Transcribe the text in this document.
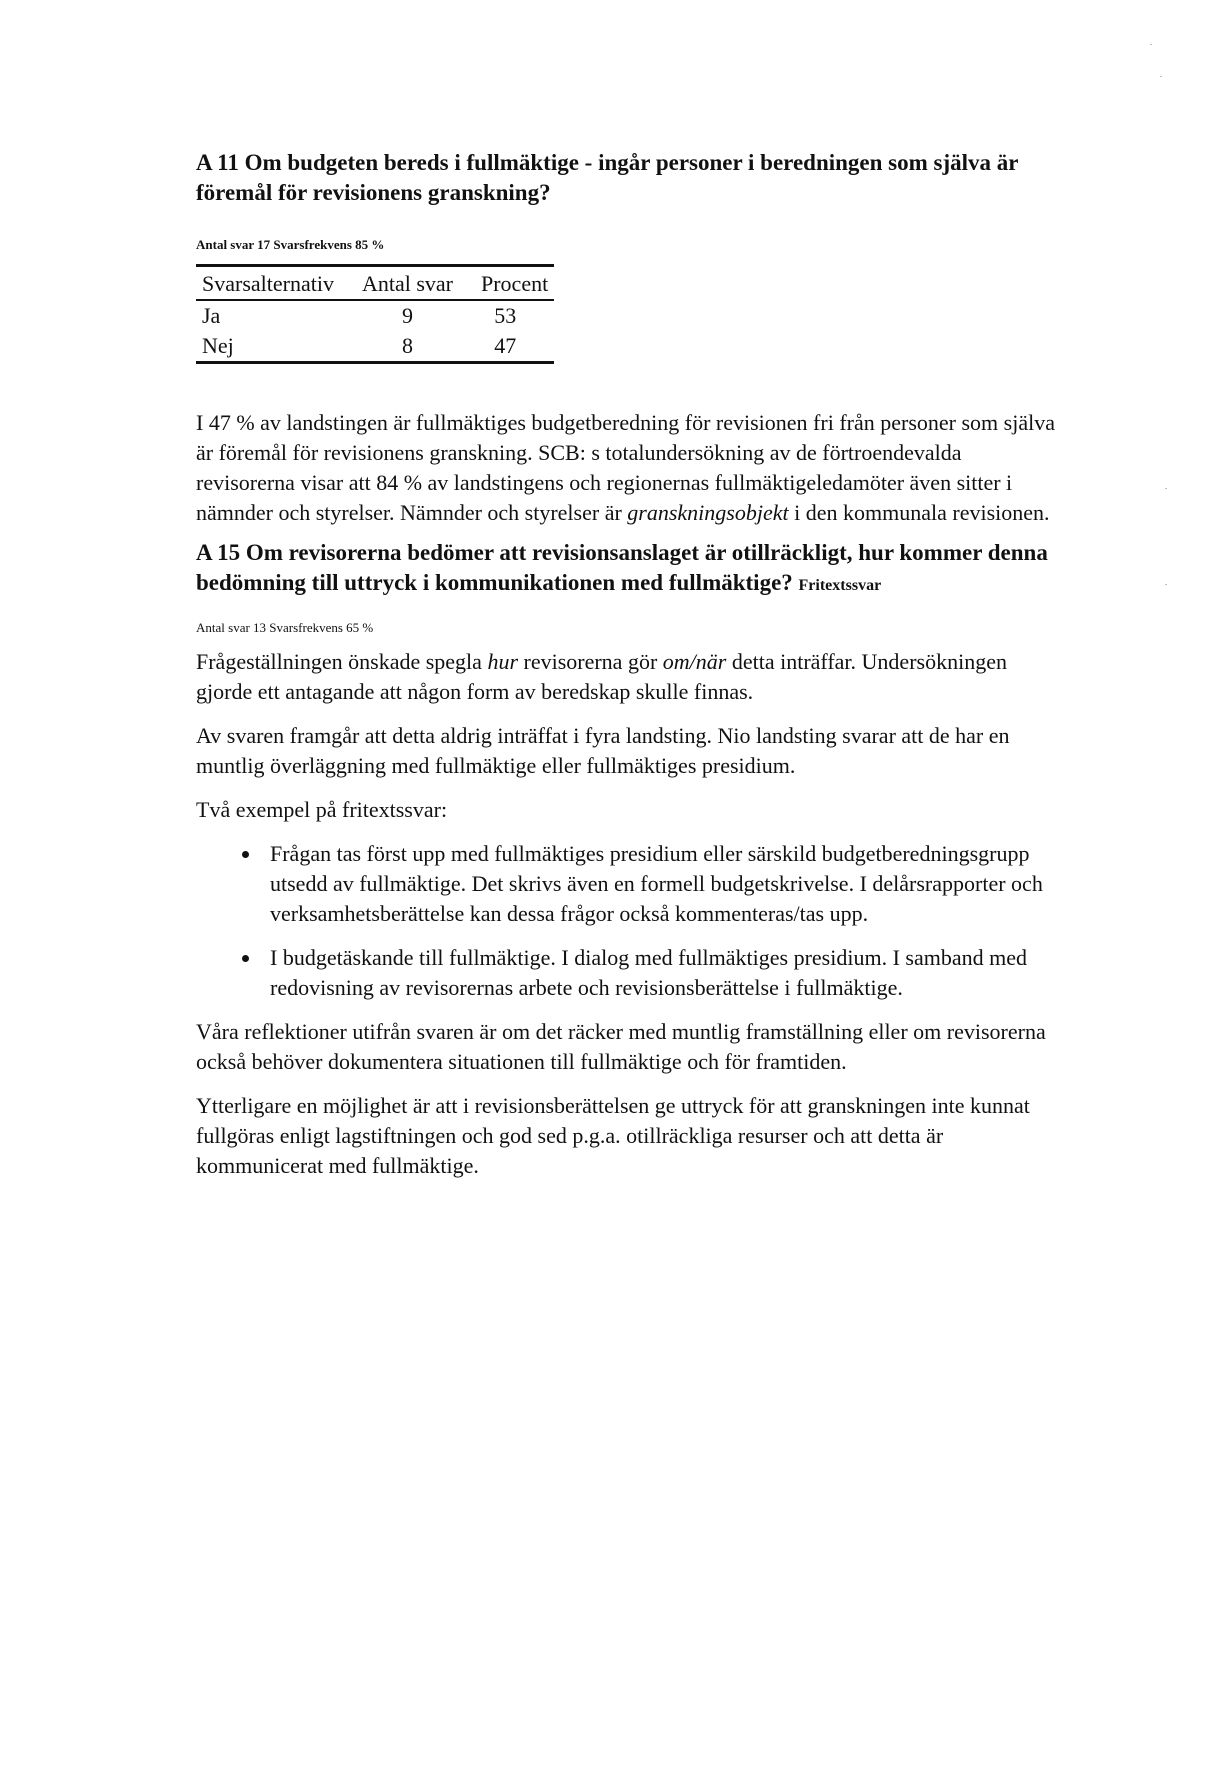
A 11 Om budgeten bereds i fullmäktige - ingår personer i beredningen som själva är föremål för revisionens granskning?
Antal svar 17 Svarsfrekvens 85 %
Svarsalternativ	Antal svar	Procent
Ja	9	53
Nej	8	47

I 47 % av landstingen är fullmäktiges budgetberedning för revisionen fri från personer som själva är föremål för revisionens granskning. SCB: s totalundersökning av de förtroendevalda revisorerna visar att 84 % av landstingens och regionernas fullmäktigeledamöter även sitter i nämnder och styrelser. Nämnder och styrelser är granskningsobjekt i den kommunala revisionen.

A 15 Om revisorerna bedömer att revisionsanslaget är otillräckligt, hur kommer denna bedömning till uttryck i kommunikationen med fullmäktige? Fritextssvar
Antal svar 13 Svarsfrekvens 65 %

Frågeställningen önskade spegla hur revisorerna gör om/när detta inträffar. Undersökningen gjorde ett antagande att någon form av beredskap skulle finnas.

Av svaren framgår att detta aldrig inträffat i fyra landsting. Nio landsting svarar att de har en muntlig överläggning med fullmäktige eller fullmäktiges presidium.

Två exempel på fritextssvar:

• Frågan tas först upp med fullmäktiges presidium eller särskild budgetberedningsgrupp utsedd av fullmäktige. Det skrivs även en formell budgetskrivelse. I delårsrapporter och verksamhetsberättelse kan dessa frågor också kommenteras/tas upp.
• I budgetäskande till fullmäktige. I dialog med fullmäktiges presidium. I samband med redovisning av revisorernas arbete och revisionsberättelse i fullmäktige.

Våra reflektioner utifrån svaren är om det räcker med muntlig framställning eller om revisorerna också behöver dokumentera situationen till fullmäktige och för framtiden.

Ytterligare en möjlighet är att i revisionsberättelsen ge uttryck för att granskningen inte kunnat fullgöras enligt lagstiftningen och god sed p.g.a. otillräckliga resurser och att detta är kommunicerat med fullmäktige.
